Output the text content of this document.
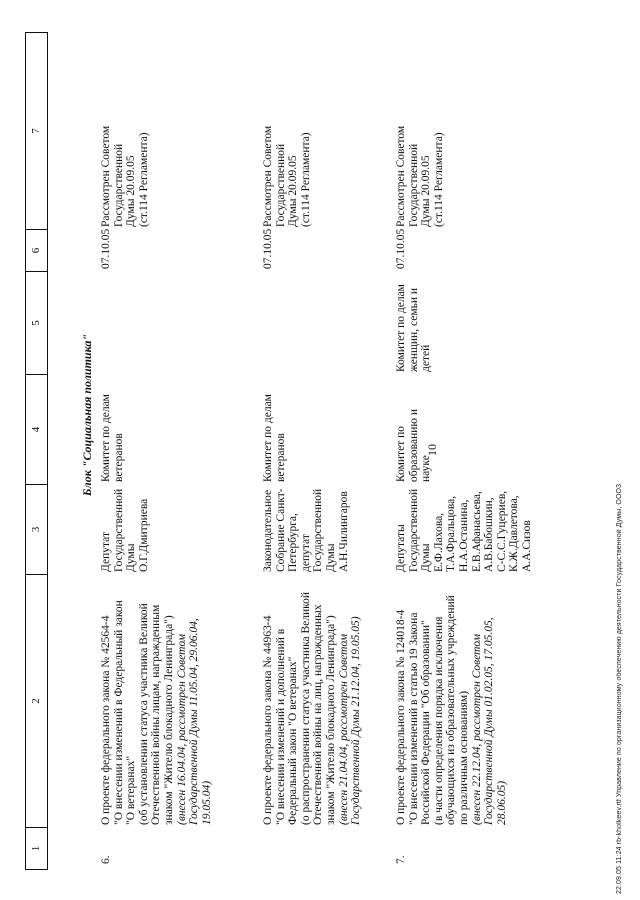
10
1
2
3
4
5
6
7
Блок "Социальная политика"
6.
О проекте федерального закона № 42564-4 "О внесении изменений в Федеральный закон "О ветеранах" (об установлении статуса участника Великой Отечественной войны лицам, награжденным знаком "Жителю блокадного Ленинграда") (внесен 16.04.04, рассмотрен Советом Государственной Думы 11.05.04, 29.06.04, 19.05.04)
Депутат Государственной Думы О.Г.Дмитриева
Комитет по делам ветеранов
07.10.05
Рассмотрен Советом Государственной Думы 20.09.05 (ст.114 Регламента)
О проекте федерального закона № 44963-4 "О внесении изменений и дополнений в Федеральный закон "О ветеранах" (о распространении статуса участника Великой Отечественной войны на лиц, награжденных знаком "Жителю блокадного Ленинграда") (внесен 21.04.04, рассмотрен Советом Государственной Думы 21.12.04, 19.05.05)
Законодательное Собрание Санкт- Петербурга, депутат Государственной Думы А.Н.Чилингаров
Комитет по делам ветеранов
07.10.05
Рассмотрен Советом Государственной Думы 20.09.05 (ст.114 Регламента)
7.
О проекте федерального закона № 124018-4 "О внесении изменений в статью 19 Закона Российской Федерации "Об образовании" (в части определения порядка исключения обучающихся из образовательных учреждений по различным основаниям) (внесен 22.12.04, рассмотрен Советом Государственной Думы 01.02.05, 17.05.05, 28.06.05)
Депутаты Государственной Думы Е.Ф.Лахова, Т.А.Фральцова, Н.А.Останина, Е.В.Афанасьева, А.В.Бабошкин, С-С.С.Гуцериев, К.Ж.Давлетова, А.А.Сизов
Комитет по образованию и науке
Комитет по делам женщин, семьи и детей
07.10.05
Рассмотрен Советом Государственной Думы 20.09.05 (ст.114 Регламента)
22.09.05 11:24 rb-kholkeev.rtf Управление по организационному обеспечению деятельности Государственной Думы, ООО3
